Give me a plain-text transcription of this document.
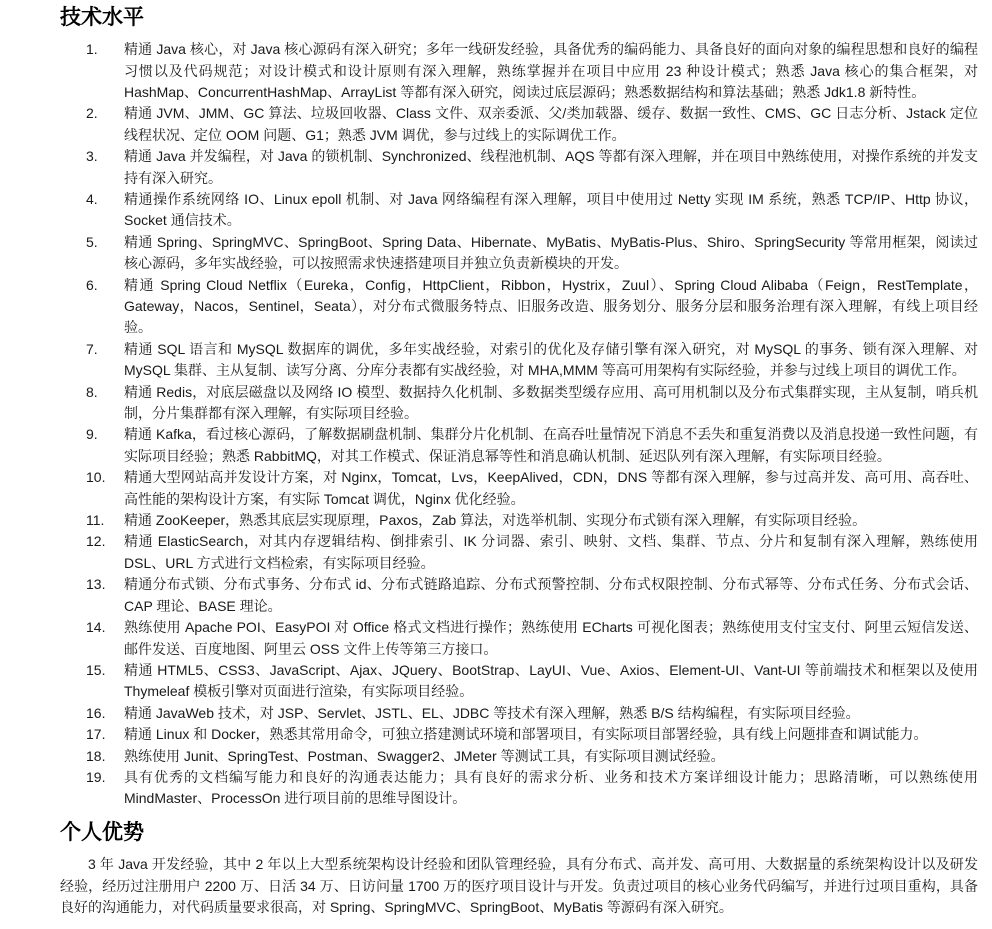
技术水平
1.	精通 Java 核心，对 Java 核心源码有深入研究；多年一线研发经验，具备优秀的编码能力、具备良好的面向对象的编程思想和良好的编程习惯以及代码规范；对设计模式和设计原则有深入理解，熟练掌握并在项目中应用 23 种设计模式；熟悉 Java 核心的集合框架，对 HashMap、ConcurrentHashMap、ArrayList 等都有深入研究，阅读过底层源码；熟悉数据结构和算法基础；熟悉 Jdk1.8 新特性。
2.	精通 JVM、JMM、GC 算法、垃圾回收器、Class 文件、双亲委派、父/类加载器、缓存、数据一致性、CMS、GC 日志分析、Jstack 定位线程状况、定位 OOM 问题、G1；熟悉 JVM 调优，参与过线上的实际调优工作。
3.	精通 Java 并发编程，对 Java 的锁机制、Synchronized、线程池机制、AQS 等都有深入理解，并在项目中熟练使用，对操作系统的并发支持有深入研究。
4.	精通操作系统网络 IO、Linux epoll 机制、对 Java 网络编程有深入理解，项目中使用过 Netty 实现 IM 系统，熟悉 TCP/IP、Http 协议，Socket 通信技术。
5.	精通 Spring、SpringMVC、SpringBoot、Spring Data、Hibernate、MyBatis、MyBatis-Plus、Shiro、SpringSecurity 等常用框架，阅读过核心源码，多年实战经验，可以按照需求快速搭建项目并独立负责新模块的开发。
6.	精通 Spring Cloud Netflix（Eureka，Config，HttpClient，Ribbon，Hystrix，Zuul）、Spring Cloud Alibaba（Feign，RestTemplate，Gateway，Nacos，Sentinel，Seata），对分布式微服务特点、旧服务改造、服务划分、服务分层和服务治理有深入理解，有线上项目经验。
7.	精通 SQL 语言和 MySQL 数据库的调优，多年实战经验，对索引的优化及存储引擎有深入研究，对 MySQL 的事务、锁有深入理解、对 MySQL 集群、主从复制、读写分离、分库分表都有实战经验，对 MHA,MMM 等高可用架构有实际经验，并参与过线上项目的调优工作。
8.	精通 Redis，对底层磁盘以及网络 IO 模型、数据持久化机制、多数据类型缓存应用、高可用机制以及分布式集群实现，主从复制，哨兵机制，分片集群都有深入理解，有实际项目经验。
9.	精通 Kafka，看过核心源码，了解数据刷盘机制、集群分片化机制、在高吞吐量情况下消息不丢失和重复消费以及消息投递一致性问题，有实际项目经验；熟悉 RabbitMQ，对其工作模式、保证消息幂等性和消息确认机制、延迟队列有深入理解，有实际项目经验。
10.	精通大型网站高并发设计方案，对 Nginx，Tomcat，Lvs，KeepAlived，CDN，DNS 等都有深入理解，参与过高并发、高可用、高吞吐、高性能的架构设计方案，有实际 Tomcat 调优，Nginx 优化经验。
11.	精通 ZooKeeper，熟悉其底层实现原理，Paxos，Zab 算法，对选举机制、实现分布式锁有深入理解，有实际项目经验。
12.	精通 ElasticSearch，对其内存逻辑结构、倒排索引、IK 分词器、索引、映射、文档、集群、节点、分片和复制有深入理解，熟练使用 DSL、URL 方式进行文档检索，有实际项目经验。
13.	精通分布式锁、分布式事务、分布式 id、分布式链路追踪、分布式预警控制、分布式权限控制、分布式幂等、分布式任务、分布式会话、CAP 理论、BASE 理论。
14.	熟练使用 Apache POI、EasyPOI 对 Office 格式文档进行操作；熟练使用 ECharts 可视化图表；熟练使用支付宝支付、阿里云短信发送、邮件发送、百度地图、阿里云 OSS 文件上传等第三方接口。
15.	精通 HTML5、CSS3、JavaScript、Ajax、JQuery、BootStrap、LayUI、Vue、Axios、Element-UI、Vant-UI 等前端技术和框架以及使用 Thymeleaf 模板引擎对页面进行渲染，有实际项目经验。
16.	精通 JavaWeb 技术，对 JSP、Servlet、JSTL、EL、JDBC 等技术有深入理解，熟悉 B/S 结构编程，有实际项目经验。
17.	精通 Linux 和 Docker，熟悉其常用命令，可独立搭建测试环境和部署项目，有实际项目部署经验，具有线上问题排查和调试能力。
18.	熟练使用 Junit、SpringTest、Postman、Swagger2、JMeter 等测试工具，有实际项目测试经验。
19.	具有优秀的文档编写能力和良好的沟通表达能力；具有良好的需求分析、业务和技术方案详细设计能力；思路清晰，可以熟练使用 MindMaster、ProcessOn 进行项目前的思维导图设计。
个人优势

3 年 Java 开发经验，其中 2 年以上大型系统架构设计经验和团队管理经验，具有分布式、高并发、高可用、大数据量的系统架构设计以及研发经验，经历过注册用户 2200 万、日活 34 万、日访问量 1700 万的医疗项目设计与开发。负责过项目的核心业务代码编写，并进行过项目重构，具备良好的沟通能力，对代码质量要求很高，对 Spring、SpringMVC、SpringBoot、MyBatis 等源码有深入研究。
